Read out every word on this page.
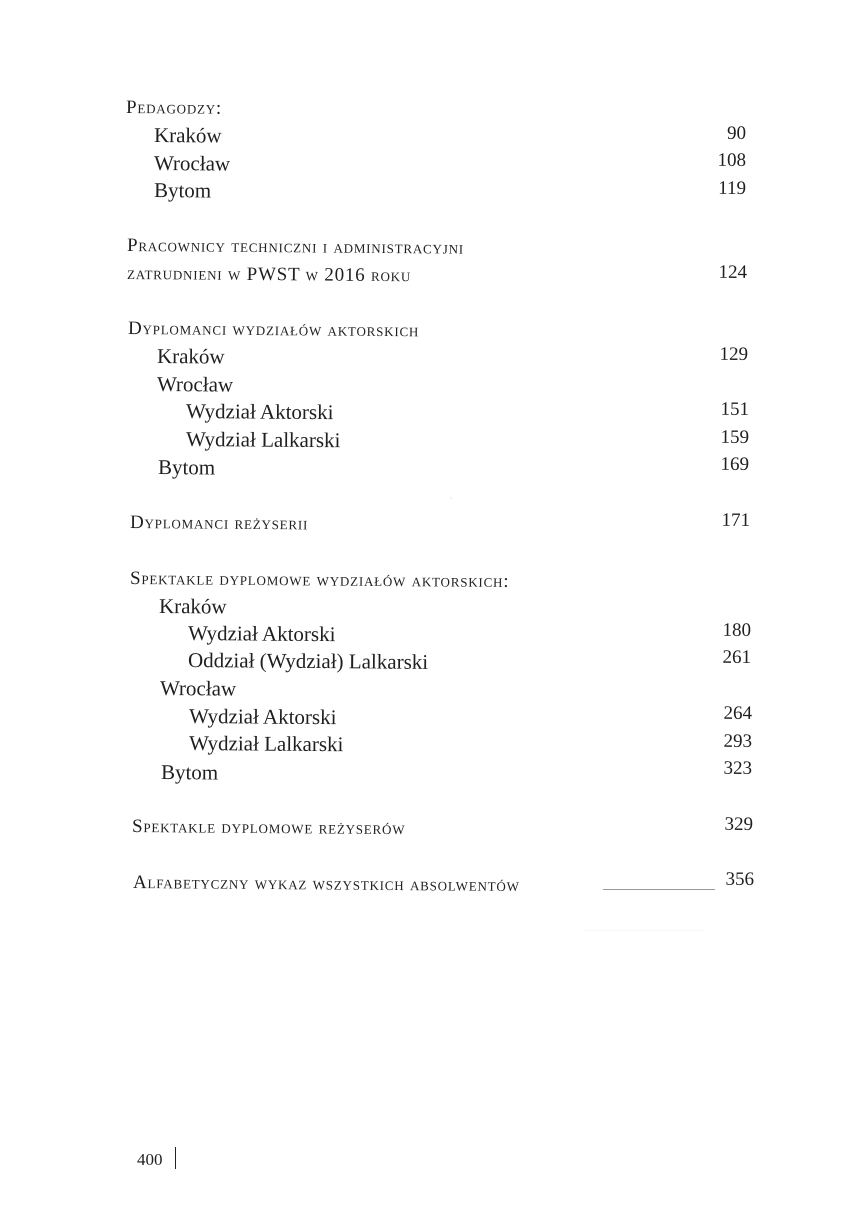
Pedagodzy:
Kraków	90
Wrocław	108
Bytom	119
Pracownicy techniczni i administracyjni
zatrudnieni w PWST w 2016 roku	124
Dyplomanci wydziałów aktorskich
Kraków	129
Wrocław
Wydział Aktorski	151
Wydział Lalkarski	159
Bytom	169
Dyplomanci reżyserii	171
Spektakle dyplomowe wydziałów aktorskich:
Kraków
Wydział Aktorski	180
Oddział (Wydział) Lalkarski	261
Wrocław
Wydział Aktorski	264
Wydział Lalkarski	293
Bytom	323
Spektakle dyplomowe reżyserów	329
Alfabetyczny wykaz wszystkich absolwentów	356
400
